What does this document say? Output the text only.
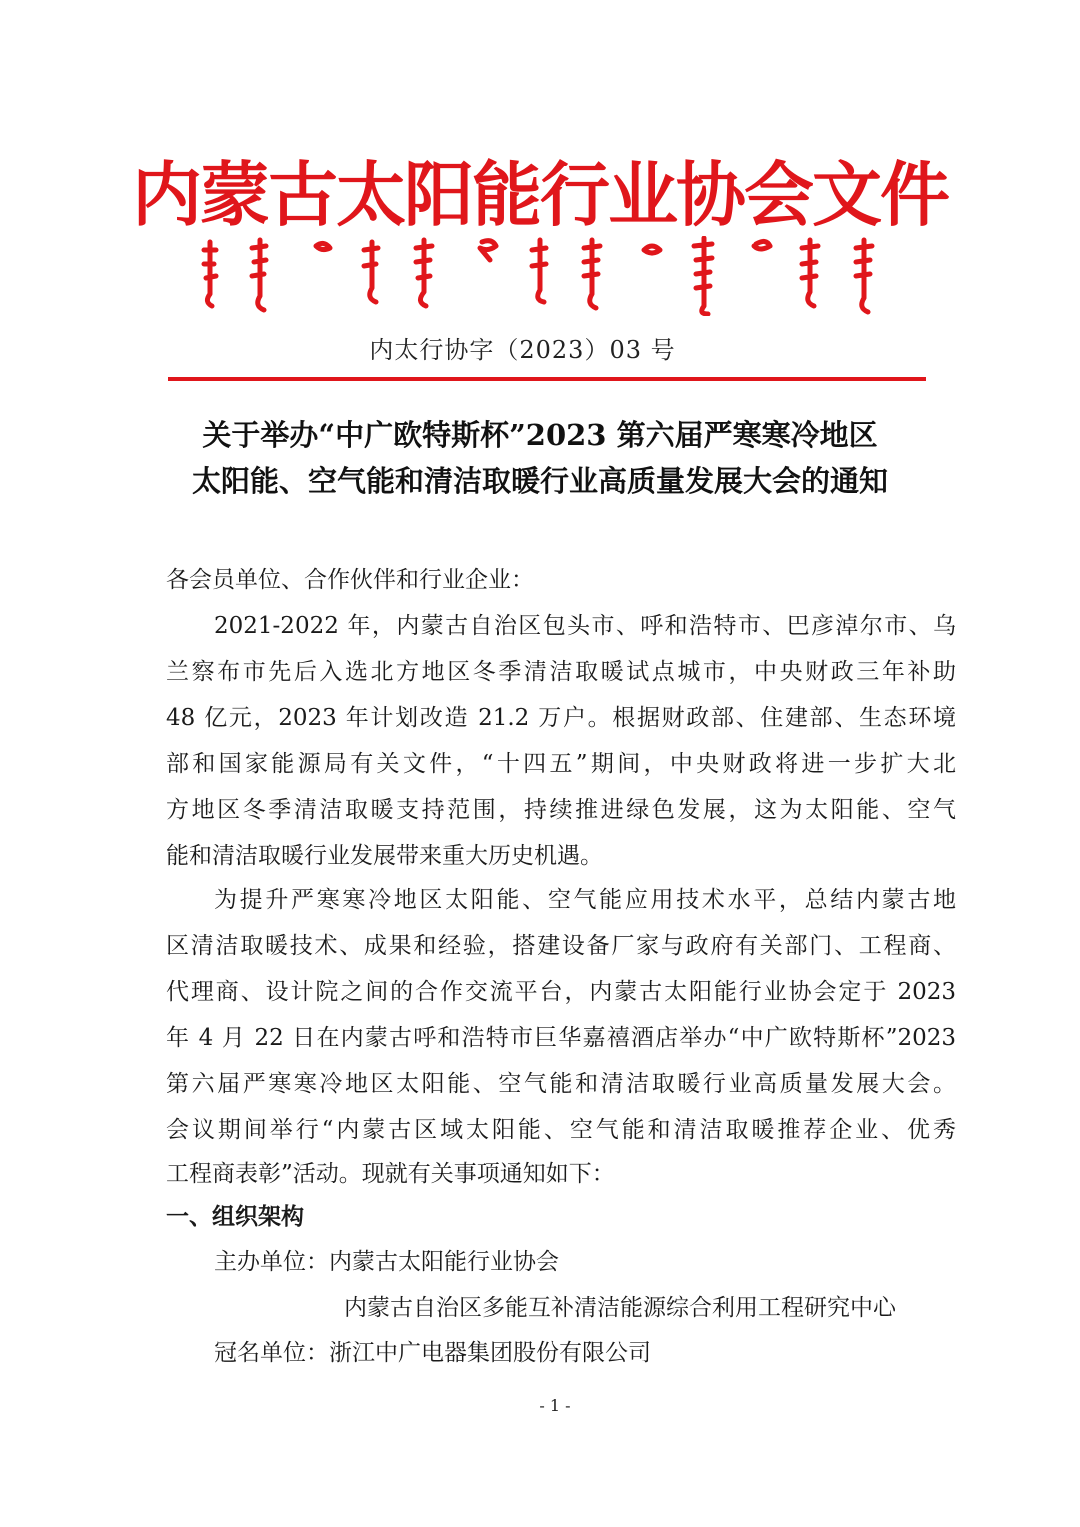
内蒙古太阳能行业协会文件
内太行协字（2023）03 号
关于举办“中广欧特斯杯”2023 第六届严寒寒冷地区
太阳能、空气能和清洁取暖行业高质量发展大会的通知
各会员单位、合作伙伴和行业企业：
2021-2022 年，内蒙古自治区包头市、呼和浩特市、巴彦淖尔市、乌
兰察布市先后入选北方地区冬季清洁取暖试点城市，中央财政三年补助
48 亿元，2023 年计划改造 21.2 万户。根据财政部、住建部、生态环境
部和国家能源局有关文件，“十四五”期间，中央财政将进一步扩大北
方地区冬季清洁取暖支持范围，持续推进绿色发展，这为太阳能、空气
能和清洁取暖行业发展带来重大历史机遇。
为提升严寒寒冷地区太阳能、空气能应用技术水平，总结内蒙古地
区清洁取暖技术、成果和经验，搭建设备厂家与政府有关部门、工程商、
代理商、设计院之间的合作交流平台，内蒙古太阳能行业协会定于 2023
年 4 月 22 日在内蒙古呼和浩特市巨华嘉禧酒店举办“中广欧特斯杯”2023
第六届严寒寒冷地区太阳能、空气能和清洁取暖行业高质量发展大会。
会议期间举行“内蒙古区域太阳能、空气能和清洁取暖推荐企业、优秀
工程商表彰”活动。现就有关事项通知如下：
一、组织架构
主办单位：内蒙古太阳能行业协会
内蒙古自治区多能互补清洁能源综合利用工程研究中心
冠名单位：浙江中广电器集团股份有限公司
- 1 -
